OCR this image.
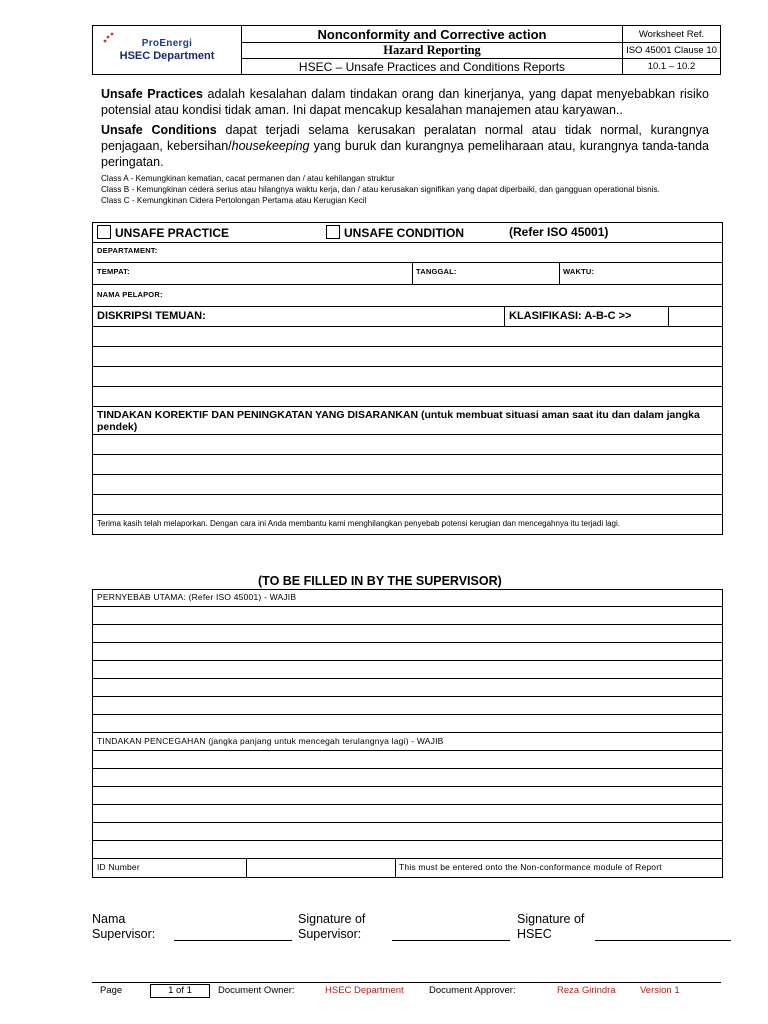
ProEnergi
HSEC Department	Nonconformity and Corrective action	Worksheet Ref.
	Hazard Reporting	ISO 45001 Clause 10
	HSEC – Unsafe Practices and Conditions Reports	10.1 – 10.2
Unsafe Practices adalah kesalahan dalam tindakan orang dan kinerjanya, yang dapat menyebabkan risiko potensial atau kondisi tidak aman. Ini dapat mencakup kesalahan manajemen atau karyawan..
Unsafe Conditions dapat terjadi selama kerusakan peralatan normal atau tidak normal, kurangnya penjagaan, kebersihan/housekeeping yang buruk dan kurangnya pemeliharaan atau, kurangnya tanda-tanda peringatan.
Class A - Kemungkinan kematian, cacat permanen dan / atau kehilangan struktur
Class B - Kemungkinan cedera serius atau hilangnya waktu kerja, dan / atau kerusakan signifikan yang dapat diperbaiki, dan gangguan operational bisnis.
Class C - Kemungkinan Cidera Pertolongan Pertama atau Kerugian Kecil
UNSAFE PRACTICE	UNSAFE CONDITION	(Refer ISO 45001)
DEPARTAMENT:
TEMPAT:	TANGGAL:	WAKTU:
NAMA PELAPOR:
DISKRIPSI TEMUAN:	KLASIFIKASI: A-B-C >>
TINDAKAN KOREKTIF DAN PENINGKATAN YANG DISARANKAN (untuk membuat situasi aman saat itu dan dalam jangka pendek)
Terima kasih telah melaporkan. Dengan cara ini Anda membantu kami menghilangkan penyebab potensi kerugian dan mencegahnya itu terjadi lagi.
(TO BE FILLED IN BY THE SUPERVISOR)
PERNYEBAB UTAMA: (Refer ISO 45001) - WAJIB
TINDAKAN PENCEGAHAN (jangka panjang untuk mencegah terulangnya lagi) - WAJIB
ID Number	This must be entered onto the Non-conformance module of Report
Nama
Supervisor:
Signature of
Supervisor:
Signature of
HSEC
Page	1 of 1	Document Owner:	HSEC Department	Document Approver:	Reza Girindra	Version 1
